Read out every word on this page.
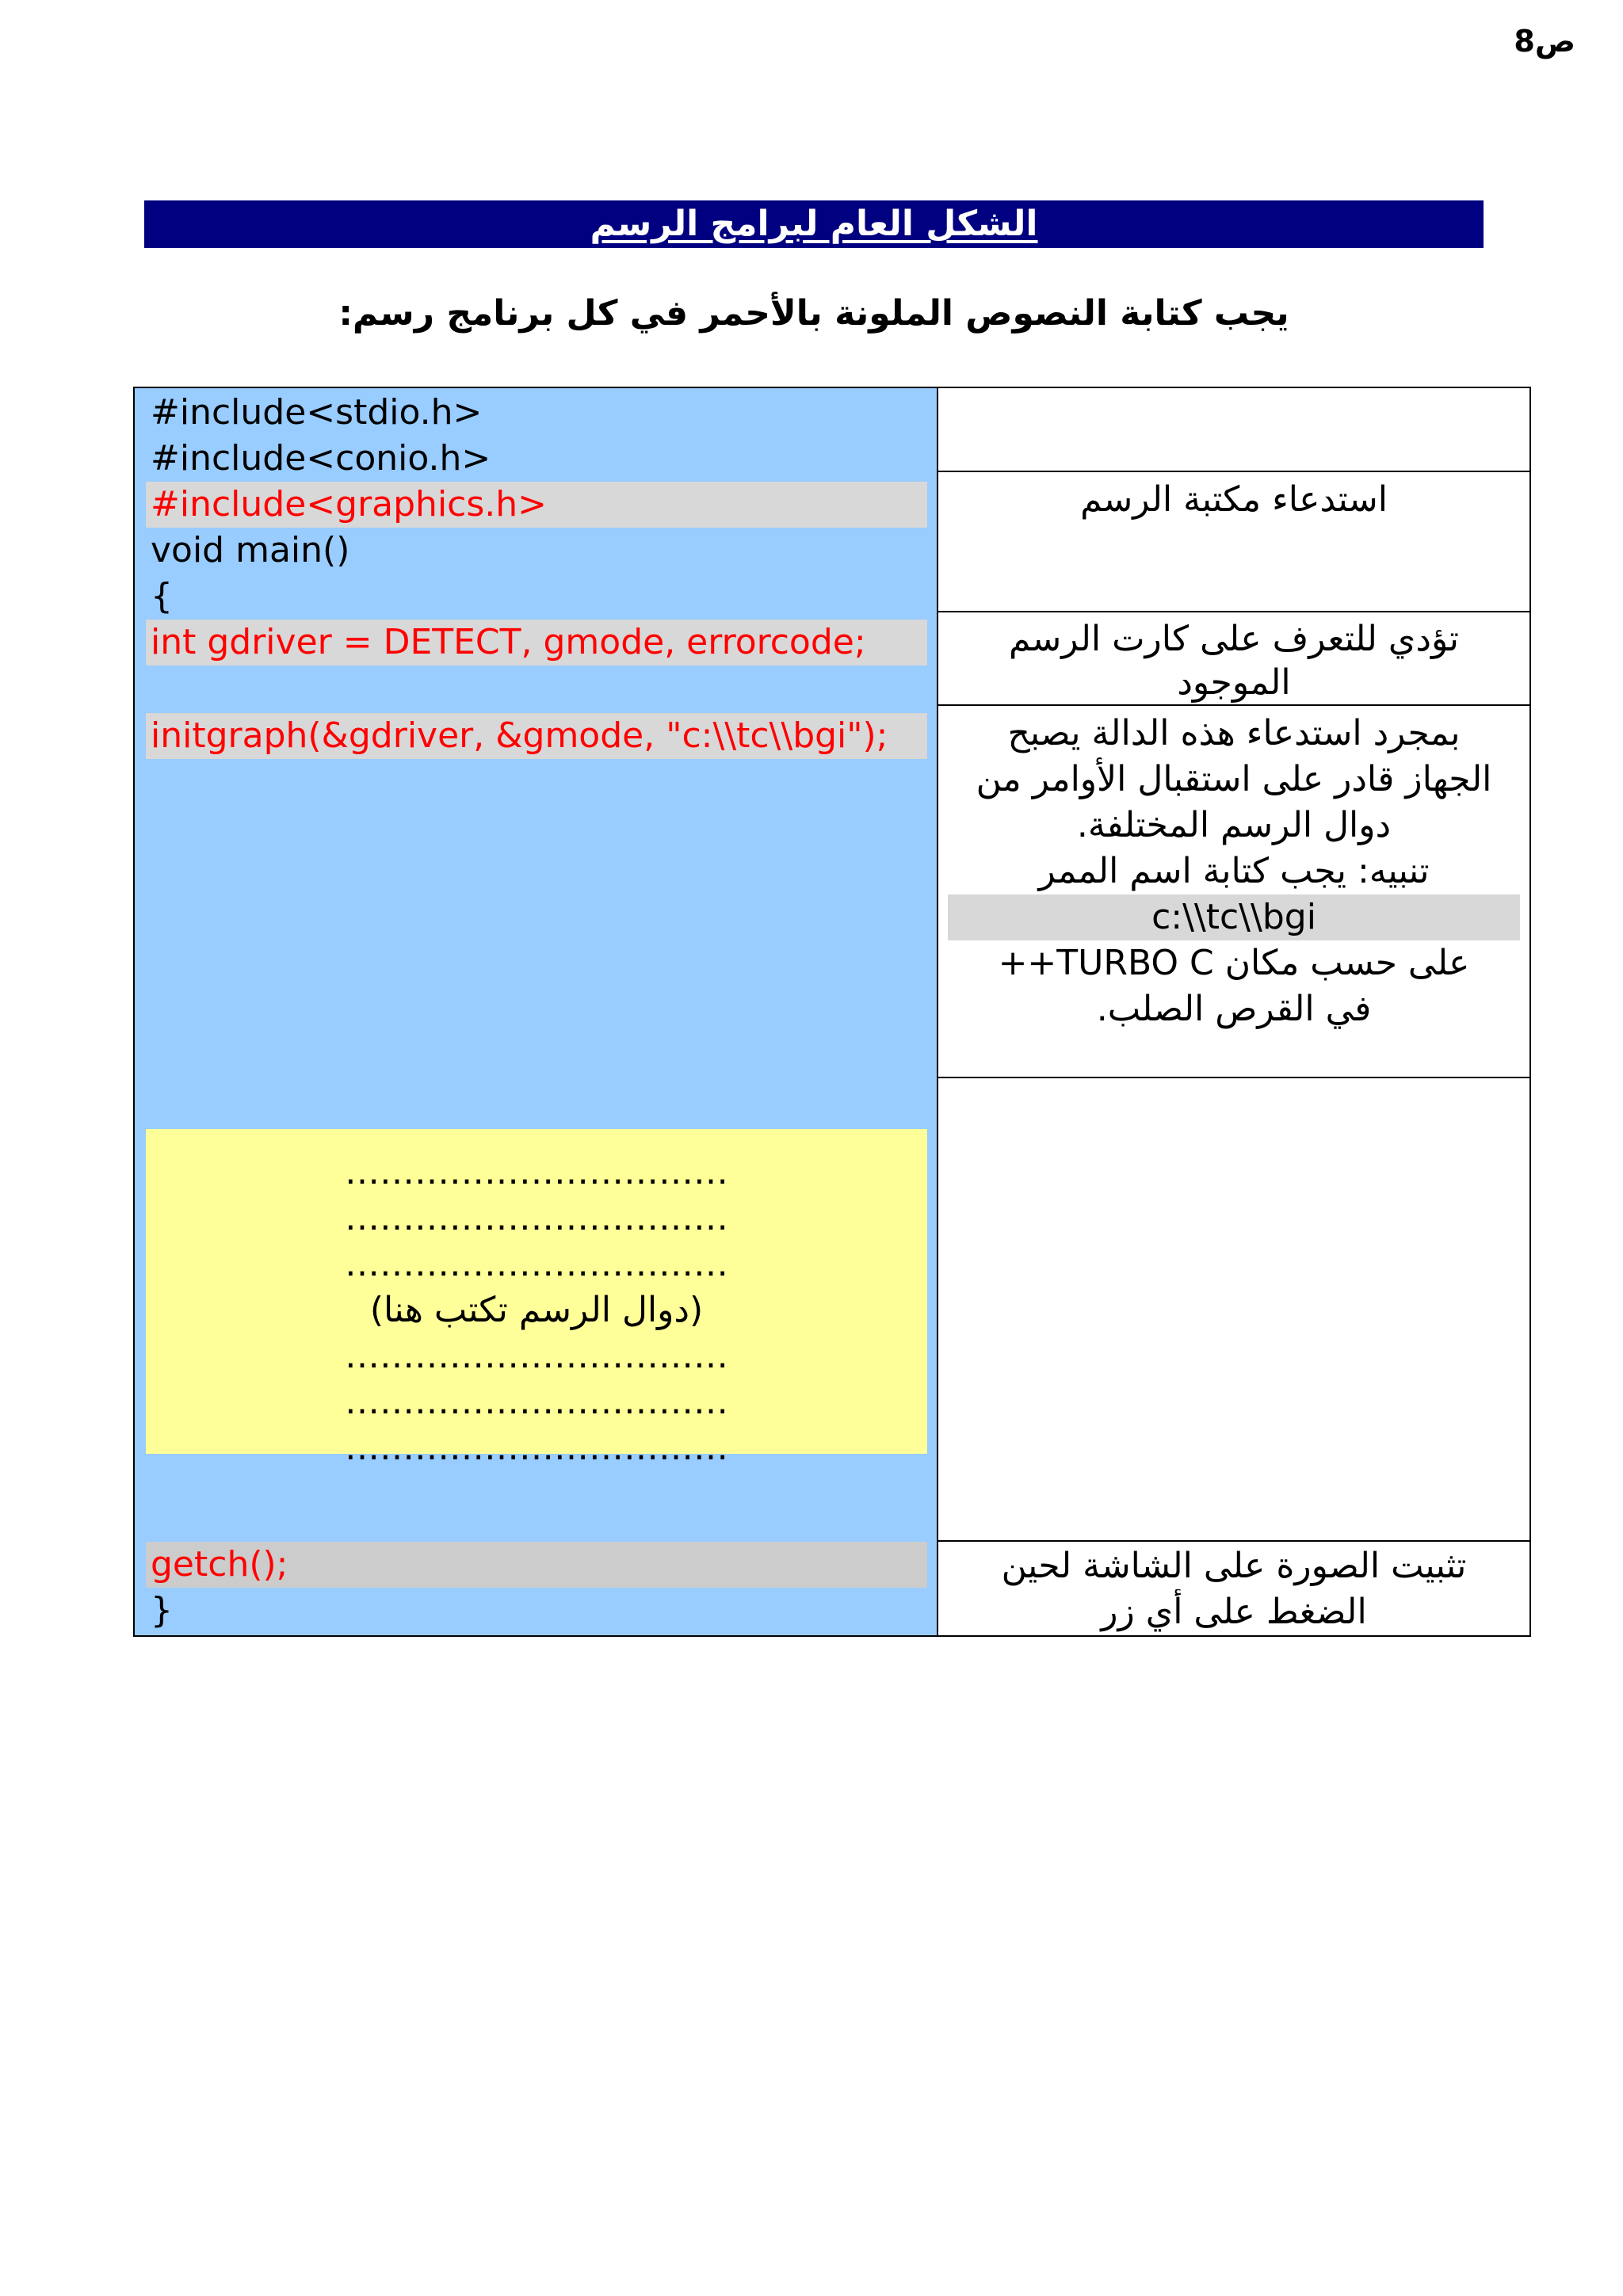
ص8
الشكل العام لبرامج الرسم
يجب كتابة النصوص الملونة بالأحمر في كل برنامج رسم:
#include<stdio.h>
#include<conio.h>
#include<graphics.h>
void main()
{
int gdriver = DETECT, gmode, errorcode;
initgraph(&gdriver, &gmode, "c:\\tc\\bgi");
……………………………
……………………………
……………………………
(دوال الرسم تكتب هنا)
……………………………
……………………………
……………………………
getch();
}
استدعاء مكتبة الرسم
تؤدي للتعرف على كارت الرسم
الموجود
بمجرد استدعاء هذه الدالة يصبح
الجهاز قادر على استقبال الأوامر من
دوال الرسم المختلفة.
تنبيه: يجب كتابة اسم الممر
c:\\tc\\bgi
على حسب مكان TURBO C++
في القرص الصلب.
تثبيت الصورة على الشاشة لحين
الضغط على أي زر
